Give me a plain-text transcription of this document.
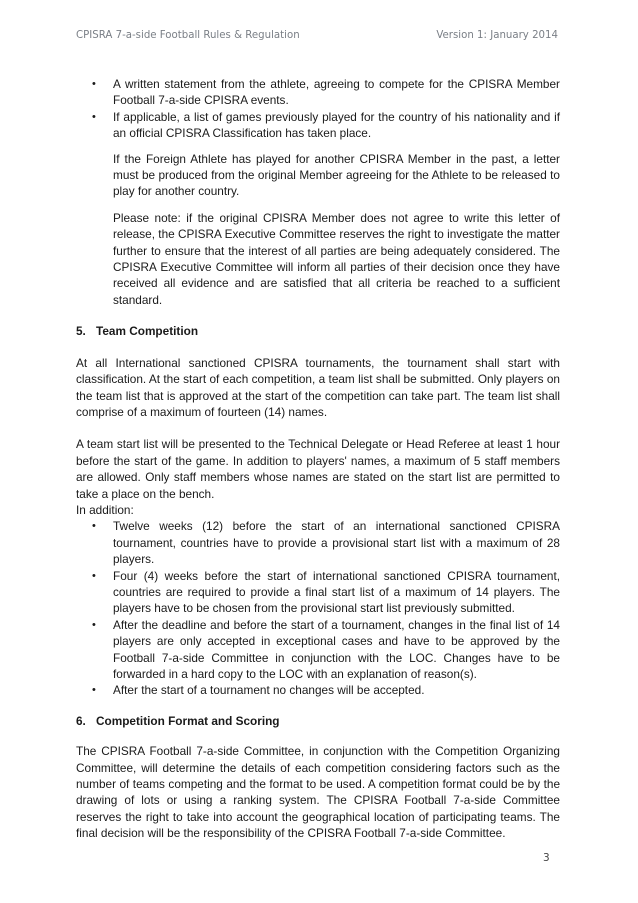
CPISRA 7-a-side Football Rules & Regulation	Version 1: January 2014
• A written statement from the athlete, agreeing to compete for the CPISRA Member Football 7-a-side CPISRA events.
• If applicable, a list of games previously played for the country of his nationality and if an official CPISRA Classification has taken place.

If the Foreign Athlete has played for another CPISRA Member in the past, a letter must be produced from the original Member agreeing for the Athlete to be released to play for another country.

Please note: if the original CPISRA Member does not agree to write this letter of release, the CPISRA Executive Committee reserves the right to investigate the matter further to ensure that the interest of all parties are being adequately considered. The CPISRA Executive Committee will inform all parties of their decision once they have received all evidence and are satisfied that all criteria be reached to a sufficient standard.

5. Team Competition

At all International sanctioned CPISRA tournaments, the tournament shall start with classification. At the start of each competition, a team list shall be submitted. Only players on the team list that is approved at the start of the competition can take part. The team list shall comprise of a maximum of fourteen (14) names.

A team start list will be presented to the Technical Delegate or Head Referee at least 1 hour before the start of the game. In addition to players' names, a maximum of 5 staff members are allowed. Only staff members whose names are stated on the start list are permitted to take a place on the bench.

In addition:

• Twelve weeks (12) before the start of an international sanctioned CPISRA tournament, countries have to provide a provisional start list with a maximum of 28 players.
• Four (4) weeks before the start of international sanctioned CPISRA tournament, countries are required to provide a final start list of a maximum of 14 players. The players have to be chosen from the provisional start list previously submitted.
• After the deadline and before the start of a tournament, changes in the final list of 14 players are only accepted in exceptional cases and have to be approved by the Football 7-a-side Committee in conjunction with the LOC. Changes have to be forwarded in a hard copy to the LOC with an explanation of reason(s).
• After the start of a tournament no changes will be accepted.
6. Competition Format and Scoring

The CPISRA Football 7-a-side Committee, in conjunction with the Competition Organizing Committee, will determine the details of each competition considering factors such as the number of teams competing and the format to be used. A competition format could be by the drawing of lots or using a ranking system. The CPISRA Football 7-a-side Committee reserves the right to take into account the geographical location of participating teams. The final decision will be the responsibility of the CPISRA Football 7-a-side Committee.

3
